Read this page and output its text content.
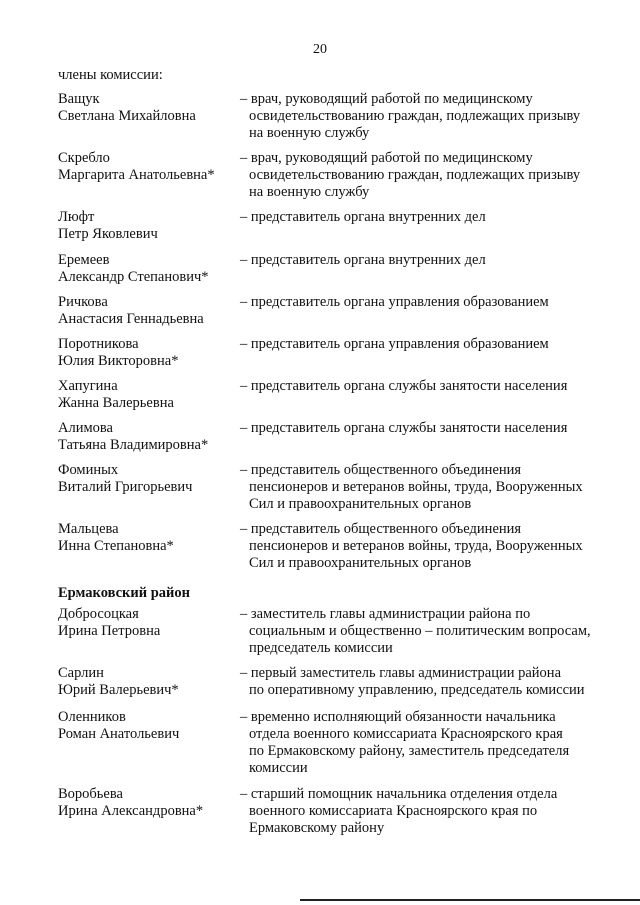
20
члены комиссии:
Ващук
Светлана Михайловна
– врач, руководящий работой по медицинскому
освидетельствованию граждан, подлежащих призыву
на военную службу
Скребло
Маргарита Анатольевна*
– врач, руководящий работой по медицинскому
освидетельствованию граждан, подлежащих призыву
на военную службу
Люфт
Петр Яковлевич
– представитель органа внутренних дел
Еремеев
Александр Степанович*
– представитель органа внутренних дел
Ричкова
Анастасия Геннадьевна
– представитель органа управления образованием
Поротникова
Юлия Викторовна*
– представитель органа управления образованием
Хапугина
Жанна Валерьевна
– представитель органа службы занятости населения
Алимова
Татьяна Владимировна*
– представитель органа службы занятости населения
Фоминых
Виталий Григорьевич
– представитель общественного объединения
пенсионеров и ветеранов войны, труда, Вооруженных
Сил и правоохранительных органов
Мальцева
Инна Степановна*
– представитель общественного объединения
пенсионеров и ветеранов войны, труда, Вооруженных
Сил и правоохранительных органов
Ермаковский район
Добросоцкая
Ирина Петровна
– заместитель главы администрации района по
социальным и общественно – политическим вопросам,
председатель комиссии
Сарлин
Юрий Валерьевич*
– первый заместитель главы администрации района
по оперативному управлению, председатель комиссии
Оленников
Роман Анатольевич
– временно исполняющий обязанности начальника
отдела военного комиссариата Красноярского края
по Ермаковскому району, заместитель председателя
комиссии
Воробьева
Ирина Александровна*
– старший помощник начальника отделения отдела
военного комиссариата Красноярского края по
Ермаковскому району
